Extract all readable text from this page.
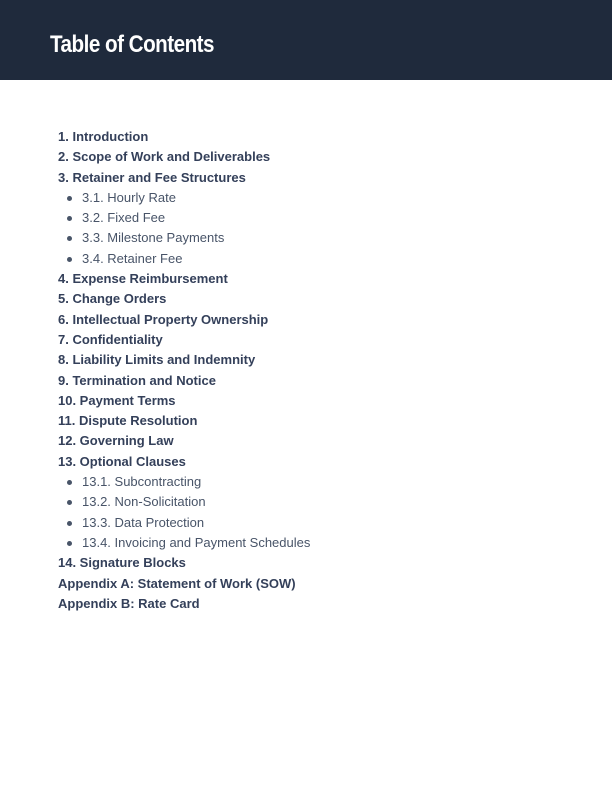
Table of Contents
1. Introduction
2. Scope of Work and Deliverables
3. Retainer and Fee Structures
3.1. Hourly Rate
3.2. Fixed Fee
3.3. Milestone Payments
3.4. Retainer Fee
4. Expense Reimbursement
5. Change Orders
6. Intellectual Property Ownership
7. Confidentiality
8. Liability Limits and Indemnity
9. Termination and Notice
10. Payment Terms
11. Dispute Resolution
12. Governing Law
13. Optional Clauses
13.1. Subcontracting
13.2. Non-Solicitation
13.3. Data Protection
13.4. Invoicing and Payment Schedules
14. Signature Blocks
Appendix A: Statement of Work (SOW)
Appendix B: Rate Card
